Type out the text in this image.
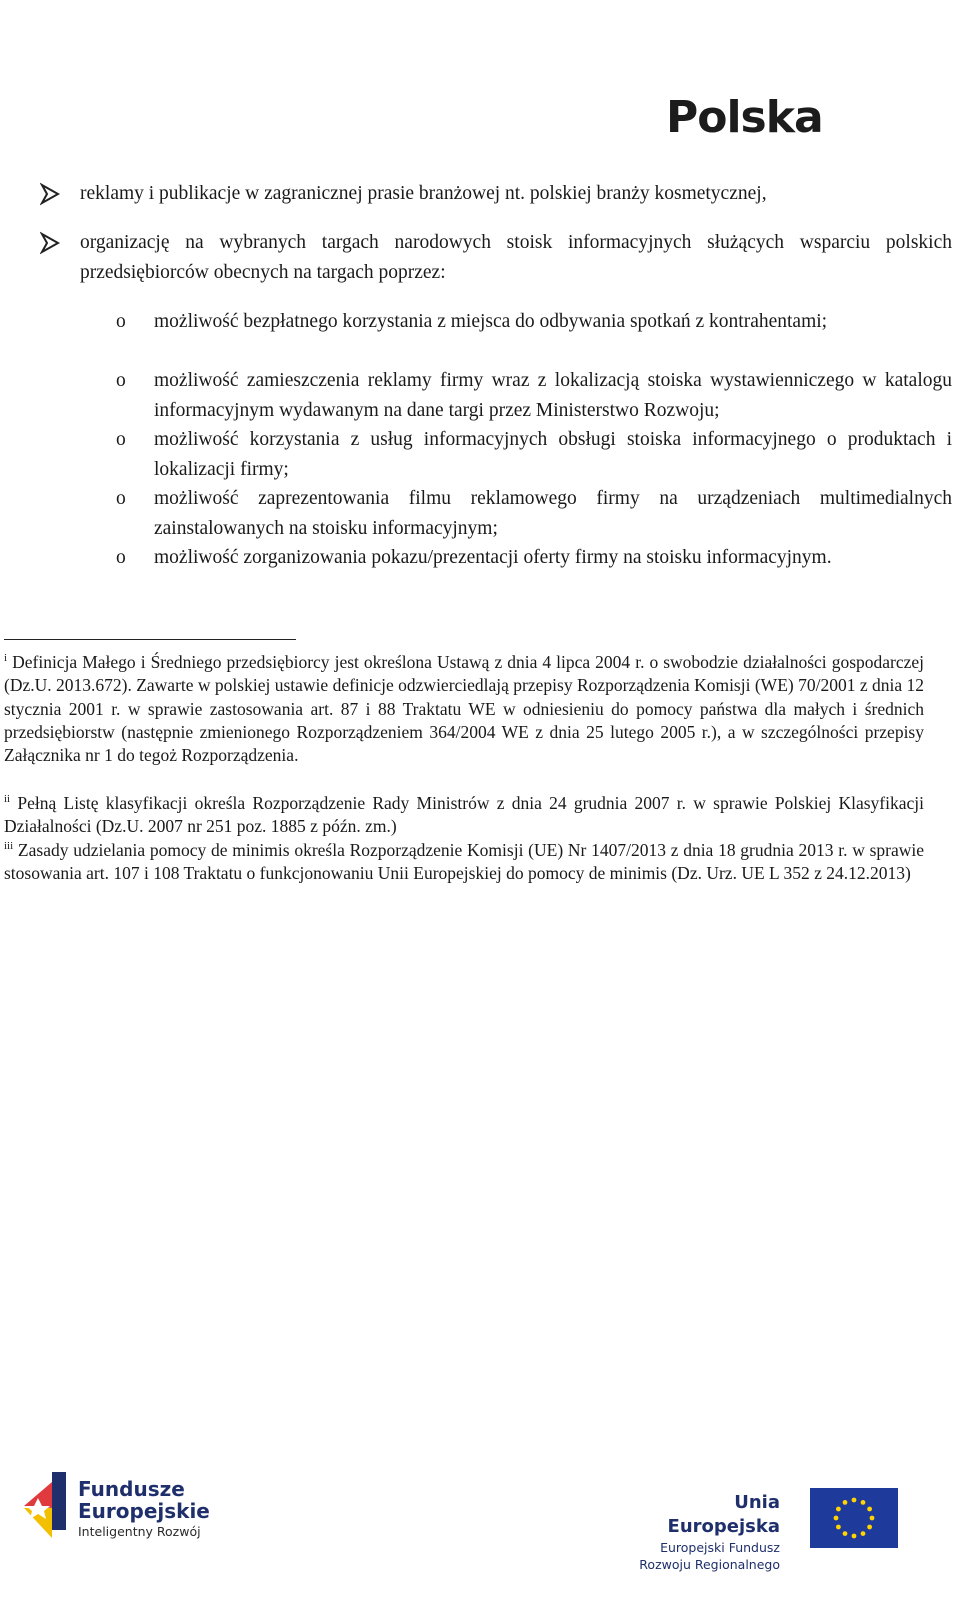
Polska
reklamy i publikacje w zagranicznej prasie branżowej nt. polskiej branży kosmetycznej,
organizację na wybranych targach narodowych stoisk informacyjnych służących wsparciu polskich przedsiębiorców obecnych na targach poprzez:
o możliwość bezpłatnego korzystania z miejsca do odbywania spotkań z kontrahentami;
o możliwość zamieszczenia reklamy firmy wraz z lokalizacją stoiska wystawienniczego w katalogu informacyjnym wydawanym na dane targi przez Ministerstwo Rozwoju;
o możliwość korzystania z usług informacyjnych obsługi stoiska informacyjnego o produktach i lokalizacji firmy;
o możliwość zaprezentowania filmu reklamowego firmy na urządzeniach multimedialnych zainstalowanych na stoisku informacyjnym;
o możliwość zorganizowania pokazu/prezentacji oferty firmy na stoisku informacyjnym.
$^i$ Definicja Małego i Średniego przedsiębiorcy jest określona Ustawą z dnia 4 lipca 2004 r. o swobodzie działalności gospodarczej (Dz.U. 2013.672). Zawarte w polskiej ustawie definicje odzwierciedlają przepisy Rozporządzenia Komisji (WE) 70/2001 z dnia 12 stycznia 2001 r. w sprawie zastosowania art. 87 i 88 Traktatu WE w odniesieniu do pomocy państwa dla małych i średnich przedsiębiorstw (następnie zmienionego Rozporządzeniem 364/2004 WE z dnia 25 lutego 2005 r.), a w szczególności przepisy Załącznika nr 1 do tegoż Rozporządzenia.
$^{ii}$ Pełną Listę klasyfikacji określa Rozporządzenie Rady Ministrów z dnia 24 grudnia 2007 r. w sprawie Polskiej Klasyfikacji Działalności (Dz.U. 2007 nr 251 poz. 1885 z późn. zm.)
$^{iii}$ Zasady udzielania pomocy de minimis określa Rozporządzenie Komisji (UE) Nr 1407/2013 z dnia 18 grudnia 2013 r. w sprawie stosowania art. 107 i 108 Traktatu o funkcjonowaniu Unii Europejskiej do pomocy de minimis (Dz. Urz. UE L 352 z 24.12.2013)
Fundusze
Europejskie
Inteligentny Rozwój
Unia Europejska
Europejski Fundusz
Rozwoju Regionalnego
